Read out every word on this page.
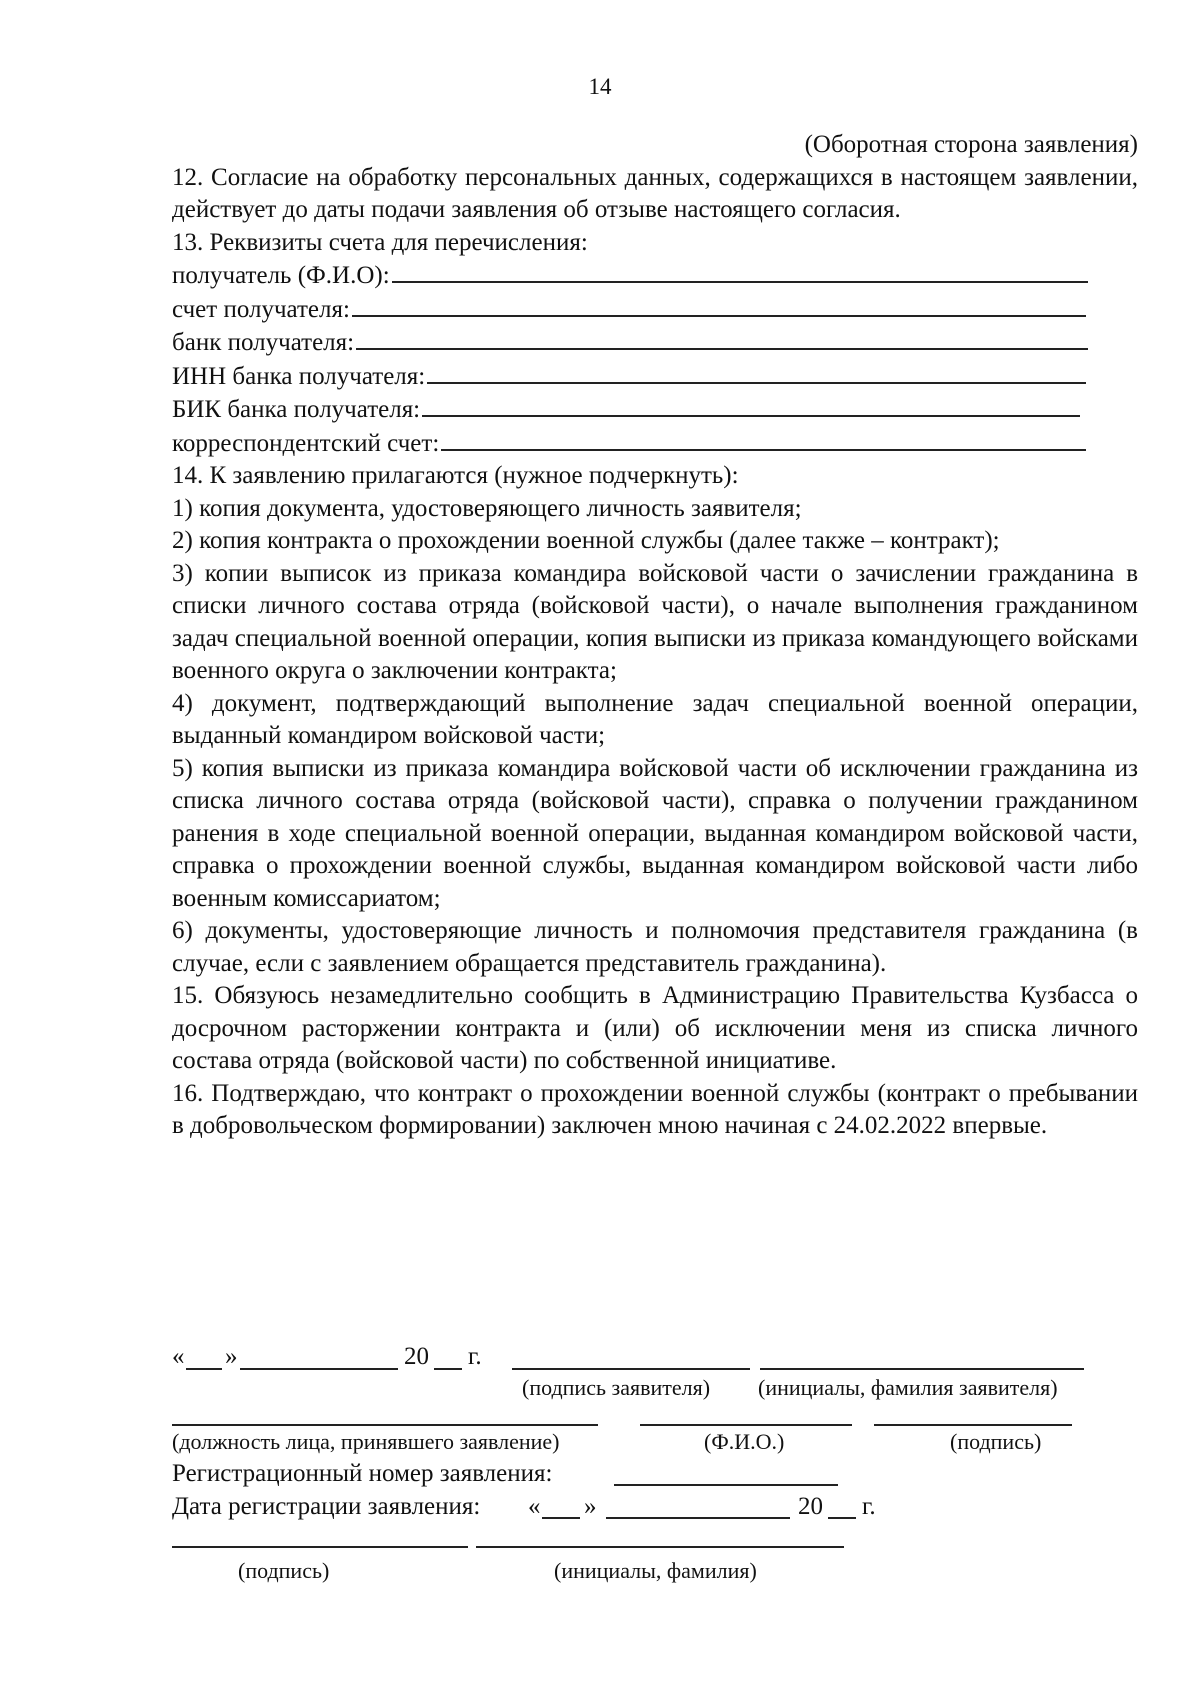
14
(Оборотная сторона заявления)
12. Согласие на обработку персональных данных, содержащихся в настоящем заявлении, действует до даты подачи заявления об отзыве настоящего согласия.
13. Реквизиты счета для перечисления:
получатель (Ф.И.О):
счет получателя:
банк получателя:
ИНН банка получателя:
БИК банка получателя:
корреспондентский счет:
14. К заявлению прилагаются (нужное подчеркнуть):
1) копия документа, удостоверяющего личность заявителя;
2) копия контракта о прохождении военной службы (далее также – контракт);
3) копии выписок из приказа командира войсковой части о зачислении гражданина в списки личного состава отряда (войсковой части), о начале выполнения гражданином задач специальной военной операции, копия выписки из приказа командующего войсками военного округа о заключении контракта;
4) документ, подтверждающий выполнение задач специальной военной операции, выданный командиром войсковой части;
5) копия выписки из приказа командира войсковой части об исключении гражданина из списка личного состава отряда (войсковой части), справка о получении гражданином ранения в ходе специальной военной операции, выданная командиром войсковой части, справка о прохождении военной службы, выданная командиром войсковой части либо военным комиссариатом;
6) документы, удостоверяющие личность и полномочия представителя гражданина (в случае, если с заявлением обращается представитель гражданина).
15. Обязуюсь незамедлительно сообщить в Администрацию Правительства Кузбасса о досрочном расторжении контракта и (или) об исключении меня из списка личного состава отряда (войсковой части) по собственной инициативе.
16. Подтверждаю, что контракт о прохождении военной службы (контракт о пребывании в добровольческом формировании) заключен мною начиная с 24.02.2022 впервые.
« »	20 г.
(подпись заявителя) (инициалы, фамилия заявителя)
(должность лица, принявшего заявление)	(Ф.И.О.)	(подпись)
Регистрационный номер заявления:
Дата регистрации заявления: « »	20 г.
(подпись)	(инициалы, фамилия)
